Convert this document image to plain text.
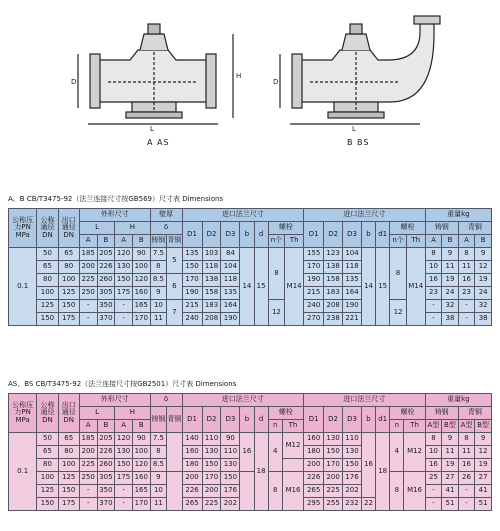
L
D
H
A AS
L
D
B BS
A、B CB/T3475-92（法兰连接尺寸按GB569）尺寸表 Dimensions
公称压力PN MPa	公称通径DN	出口通径DN	外形尺寸				壁厚		进口法兰尺寸							进口法兰尺寸							重量kg			
			L		H		δ		D1	D2	D3	b	d	螺栓		D1	D2	D3	b	d1	螺栓		铸钢		青铜	
			A	B	A	B	铸钢	青铜						n个	Th						n个	Th	A	B	A	B
0.1	50	65	185	205	120	90	7.5	5	135	103	84	14	15	8	M14	155	123	104	14	15	8	M14	8	9	8	9
	65	80	200	226	130	100	8		150	118	104					170	138	118					10	11	11	12
	80	100	225	260	150	120	8.5	6	170	138	118					190	158	135					16	19	16	19
	100	125	250	305	175	160	9		190	158	135					215	183	164					23	24	23	24
	125	150	-	350	-	165	10	7	215	183	164			12		240	208	190			12		-	32	-	32
	150	175	-	370	-	170	11		240	208	190					270	238	221					-	38	-	38
AS、BS CB/T3475-92（法兰连接尺寸按GB2501）尺寸表 Dimensions
公称压力PN MPa	公称通径DN	出口通径DN	外形尺寸				δ		进口法兰尺寸							进口法兰尺寸							重量kg			
			L		H		铸钢	青铜	D1	D2	D3	b	d	螺栓		D1	D2	D3	b	d1	螺栓		铸钢		青铜	
			A	B	A	B								n	Th						n	Th	A型	B型	A型	B型
0.1	50	65	185	205	120	90	7.5		140	110	90	16	18	4	M12	160	130	110	16	18	4	M12	8	9	8	9
	65	80	200	226	130	100	8		160	130	110					180	150	130					10	11	11	12
	80	100	225	260	150	120	8.5		180	150	130					200	170	150					16	19	16	19
	100	125	250	305	175	160	9		200	170	150			8	M16	226	200	176			8	M16	25	27	26	27
	125	150	-	350	-	165	10		226	200	176					265	225	202					-	41	-	41
	150	175	-	370	-	170	11		265	225	202					295	255	232	22				-	51	-	51
